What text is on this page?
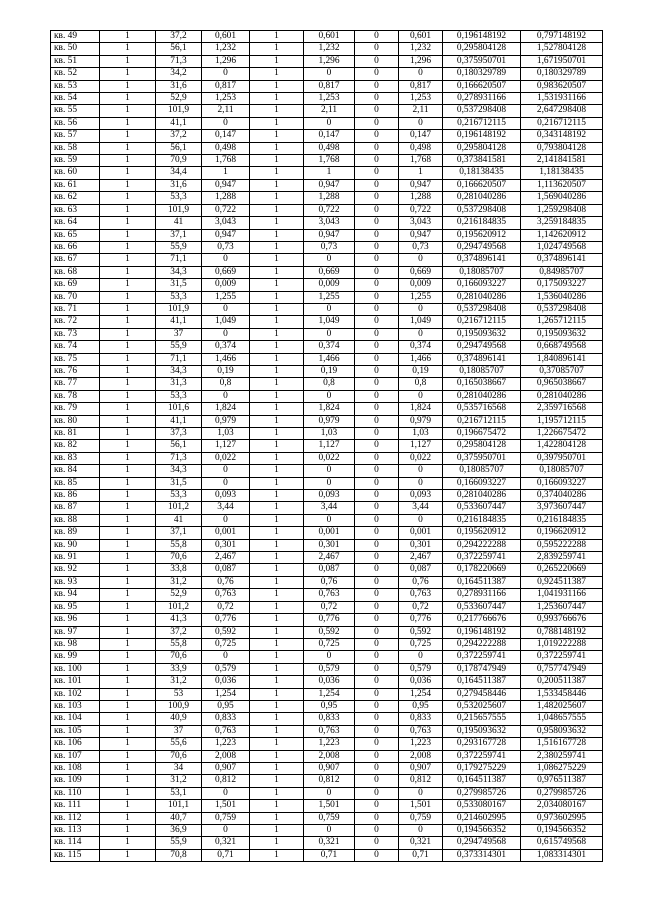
кв. 49	1	37,2	0,601	1	0,601	0	0,601	0,196148192	0,797148192
кв. 50	1	56,1	1,232	1	1,232	0	1,232	0,295804128	1,527804128
кв. 51	1	71,3	1,296	1	1,296	0	1,296	0,375950701	1,671950701
кв. 52	1	34,2	0	1	0	0	0	0,180329789	0,180329789
кв. 53	1	31,6	0,817	1	0,817	0	0,817	0,166620507	0,983620507
кв. 54	1	52,9	1,253	1	1,253	0	1,253	0,278931166	1,531931166
кв. 55	1	101,9	2,11	1	2,11	0	2,11	0,537298408	2,647298408
кв. 56	1	41,1	0	1	0	0	0	0,216712115	0,216712115
кв. 57	1	37,2	0,147	1	0,147	0	0,147	0,196148192	0,343148192
кв. 58	1	56,1	0,498	1	0,498	0	0,498	0,295804128	0,793804128
кв. 59	1	70,9	1,768	1	1,768	0	1,768	0,373841581	2,141841581
кв. 60	1	34,4	1	1	1	0	1	0,18138435	1,18138435
кв. 61	1	31,6	0,947	1	0,947	0	0,947	0,166620507	1,113620507
кв. 62	1	53,3	1,288	1	1,288	0	1,288	0,281040286	1,569040286
кв. 63	1	101,9	0,722	1	0,722	0	0,722	0,537298408	1,259298408
кв. 64	1	41	3,043	1	3,043	0	3,043	0,216184835	3,259184835
кв. 65	1	37,1	0,947	1	0,947	0	0,947	0,195620912	1,142620912
кв. 66	1	55,9	0,73	1	0,73	0	0,73	0,294749568	1,024749568
кв. 67	1	71,1	0	1	0	0	0	0,374896141	0,374896141
кв. 68	1	34,3	0,669	1	0,669	0	0,669	0,18085707	0,84985707
кв. 69	1	31,5	0,009	1	0,009	0	0,009	0,166093227	0,175093227
кв. 70	1	53,3	1,255	1	1,255	0	1,255	0,281040286	1,536040286
кв. 71	1	101,9	0	1	0	0	0	0,537298408	0,537298408
кв. 72	1	41,1	1,049	1	1,049	0	1,049	0,216712115	1,265712115
кв. 73	1	37	0	1	0	0	0	0,195093632	0,195093632
кв. 74	1	55,9	0,374	1	0,374	0	0,374	0,294749568	0,668749568
кв. 75	1	71,1	1,466	1	1,466	0	1,466	0,374896141	1,840896141
кв. 76	1	34,3	0,19	1	0,19	0	0,19	0,18085707	0,37085707
кв. 77	1	31,3	0,8	1	0,8	0	0,8	0,165038667	0,965038667
кв. 78	1	53,3	0	1	0	0	0	0,281040286	0,281040286
кв. 79	1	101,6	1,824	1	1,824	0	1,824	0,535716568	2,359716568
кв. 80	1	41,1	0,979	1	0,979	0	0,979	0,216712115	1,195712115
кв. 81	1	37,3	1,03	1	1,03	0	1,03	0,196675472	1,226675472
кв. 82	1	56,1	1,127	1	1,127	0	1,127	0,295804128	1,422804128
кв. 83	1	71,3	0,022	1	0,022	0	0,022	0,375950701	0,397950701
кв. 84	1	34,3	0	1	0	0	0	0,18085707	0,18085707
кв. 85	1	31,5	0	1	0	0	0	0,166093227	0,166093227
кв. 86	1	53,3	0,093	1	0,093	0	0,093	0,281040286	0,374040286
кв. 87	1	101,2	3,44	1	3,44	0	3,44	0,533607447	3,973607447
кв. 88	1	41	0	1	0	0	0	0,216184835	0,216184835
кв. 89	1	37,1	0,001	1	0,001	0	0,001	0,195620912	0,196620912
кв. 90	1	55,8	0,301	1	0,301	0	0,301	0,294222288	0,595222288
кв. 91	1	70,6	2,467	1	2,467	0	2,467	0,372259741	2,839259741
кв. 92	1	33,8	0,087	1	0,087	0	0,087	0,178220669	0,265220669
кв. 93	1	31,2	0,76	1	0,76	0	0,76	0,164511387	0,924511387
кв. 94	1	52,9	0,763	1	0,763	0	0,763	0,278931166	1,041931166
кв. 95	1	101,2	0,72	1	0,72	0	0,72	0,533607447	1,253607447
кв. 96	1	41,3	0,776	1	0,776	0	0,776	0,217766676	0,993766676
кв. 97	1	37,2	0,592	1	0,592	0	0,592	0,196148192	0,788148192
кв. 98	1	55,8	0,725	1	0,725	0	0,725	0,294222288	1,019222288
кв. 99	1	70,6	0	1	0	0	0	0,372259741	0,372259741
кв. 100	1	33,9	0,579	1	0,579	0	0,579	0,178747949	0,757747949
кв. 101	1	31,2	0,036	1	0,036	0	0,036	0,164511387	0,200511387
кв. 102	1	53	1,254	1	1,254	0	1,254	0,279458446	1,533458446
кв. 103	1	100,9	0,95	1	0,95	0	0,95	0,532025607	1,482025607
кв. 104	1	40,9	0,833	1	0,833	0	0,833	0,215657555	1,048657555
кв. 105	1	37	0,763	1	0,763	0	0,763	0,195093632	0,958093632
кв. 106	1	55,6	1,223	1	1,223	0	1,223	0,293167728	1,516167728
кв. 107	1	70,6	2,008	1	2,008	0	2,008	0,372259741	2,380259741
кв. 108	1	34	0,907	1	0,907	0	0,907	0,179275229	1,086275229
кв. 109	1	31,2	0,812	1	0,812	0	0,812	0,164511387	0,976511387
кв. 110	1	53,1	0	1	0	0	0	0,279985726	0,279985726
кв. 111	1	101,1	1,501	1	1,501	0	1,501	0,533080167	2,034080167
кв. 112	1	40,7	0,759	1	0,759	0	0,759	0,214602995	0,973602995
кв. 113	1	36,9	0	1	0	0	0	0,194566352	0,194566352
кв. 114	1	55,9	0,321	1	0,321	0	0,321	0,294749568	0,615749568
кв. 115	1	70,8	0,71	1	0,71	0	0,71	0,373314301	1,083314301
